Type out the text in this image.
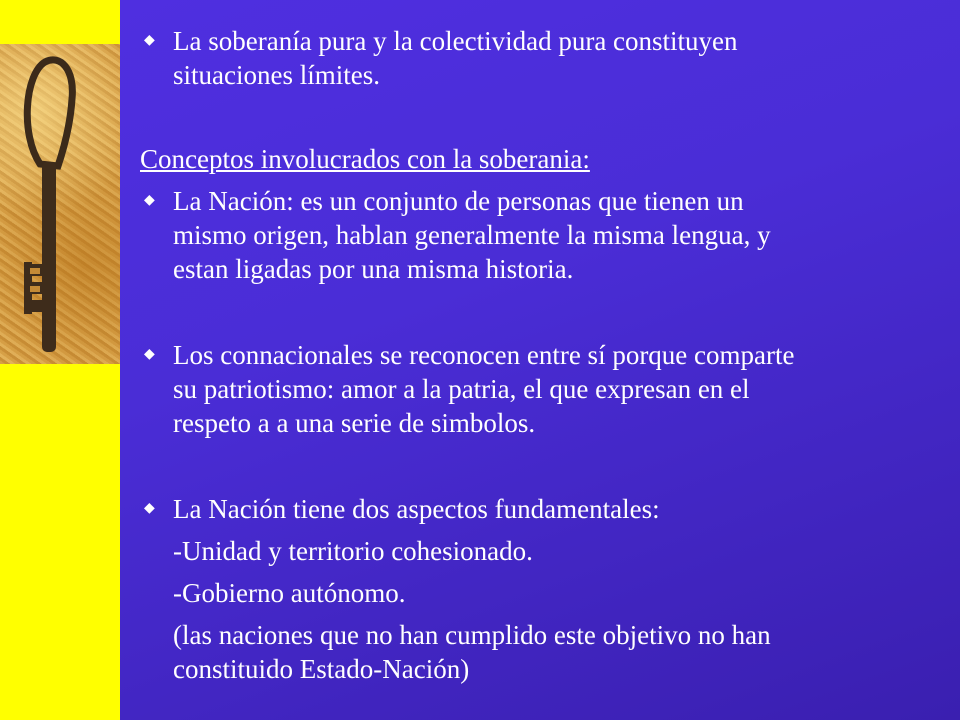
◆ La soberanía pura y la colectividad pura constituyen
situaciones límites.
Conceptos involucrados con la soberania:
◆ La Nación: es un conjunto de personas que tienen un
mismo origen, hablan generalmente la misma lengua, y
estan ligadas por una misma historia.
◆ Los connacionales se reconocen entre sí porque comparte
su patriotismo: amor a la patria, el que expresan en el
respeto a a una serie de simbolos.
◆ La Nación tiene dos aspectos fundamentales:
-Unidad y territorio cohesionado.
-Gobierno autónomo.
(las naciones que no han cumplido este objetivo no han
constituido Estado-Nación)
